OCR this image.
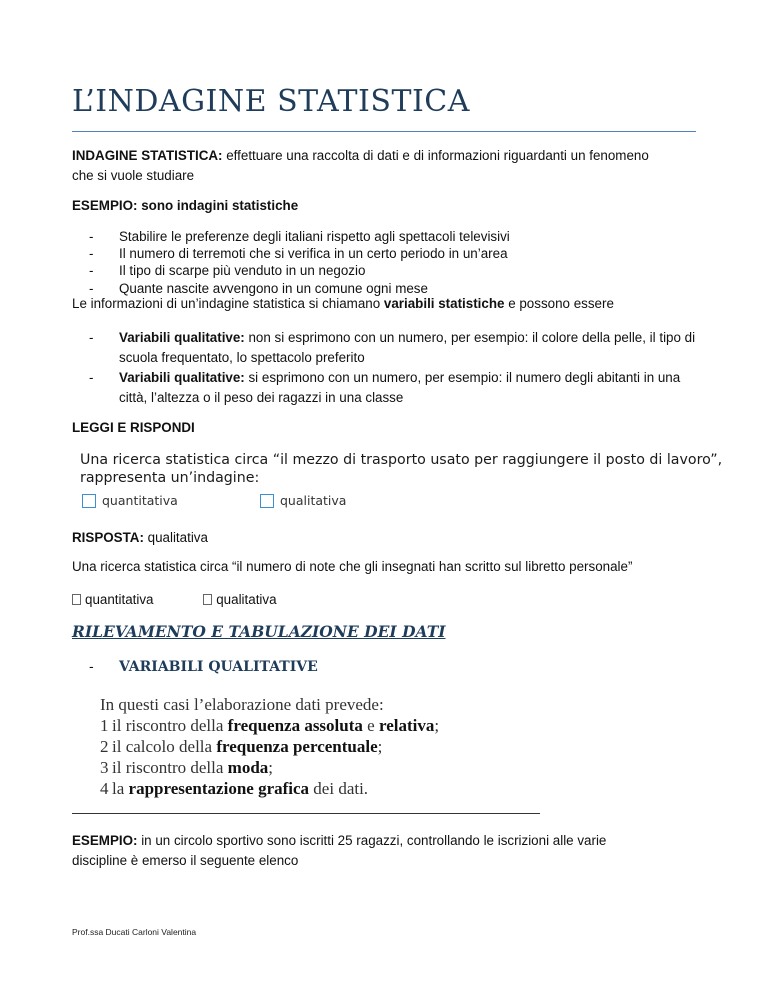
L’INDAGINE STATISTICA

INDAGINE STATISTICA: effettuare una raccolta di dati e di informazioni riguardanti un fenomeno
che si vuole studiare

ESEMPIO: sono indagini statistiche

- Stabilire le preferenze degli italiani rispetto agli spettacoli televisivi
- Il numero di terremoti che si verifica in un certo periodo in un’area
- Il tipo di scarpe più venduto in un negozio
- Quante nascite avvengono in un comune ogni mese

Le informazioni di un’indagine statistica si chiamano variabili statistiche e possono essere

- Variabili qualitative: non si esprimono con un numero, per esempio: il colore della pelle, il tipo di scuola frequentato, lo spettacolo preferito
- Variabili qualitative: si esprimono con un numero, per esempio: il numero degli abitanti in una città, l’altezza o il peso dei ragazzi in una classe

LEGGI E RISPONDI

Una ricerca statistica circa “il mezzo di trasporto usato per raggiungere il posto di lavoro”,
rappresenta un’indagine:
quantitativa	qualitativa

RISPOSTA: qualitativa

Una ricerca statistica circa “il numero di note che gli insegnati han scritto sul libretto personale”

quantitativa	qualitativa

RILEVAMENTO E TABULAZIONE DEI DATI
- VARIABILI QUALITATIVE
In questi casi l’elaborazione dati prevede:
1 il riscontro della frequenza assoluta e relativa;
2 il calcolo della frequenza percentuale;
3 il riscontro della moda;
4 la rappresentazione grafica dei dati.

ESEMPIO: in un circolo sportivo sono iscritti 25 ragazzi, controllando le iscrizioni alle varie
discipline è emerso il seguente elenco

Prof.ssa Ducati Carloni Valentina
